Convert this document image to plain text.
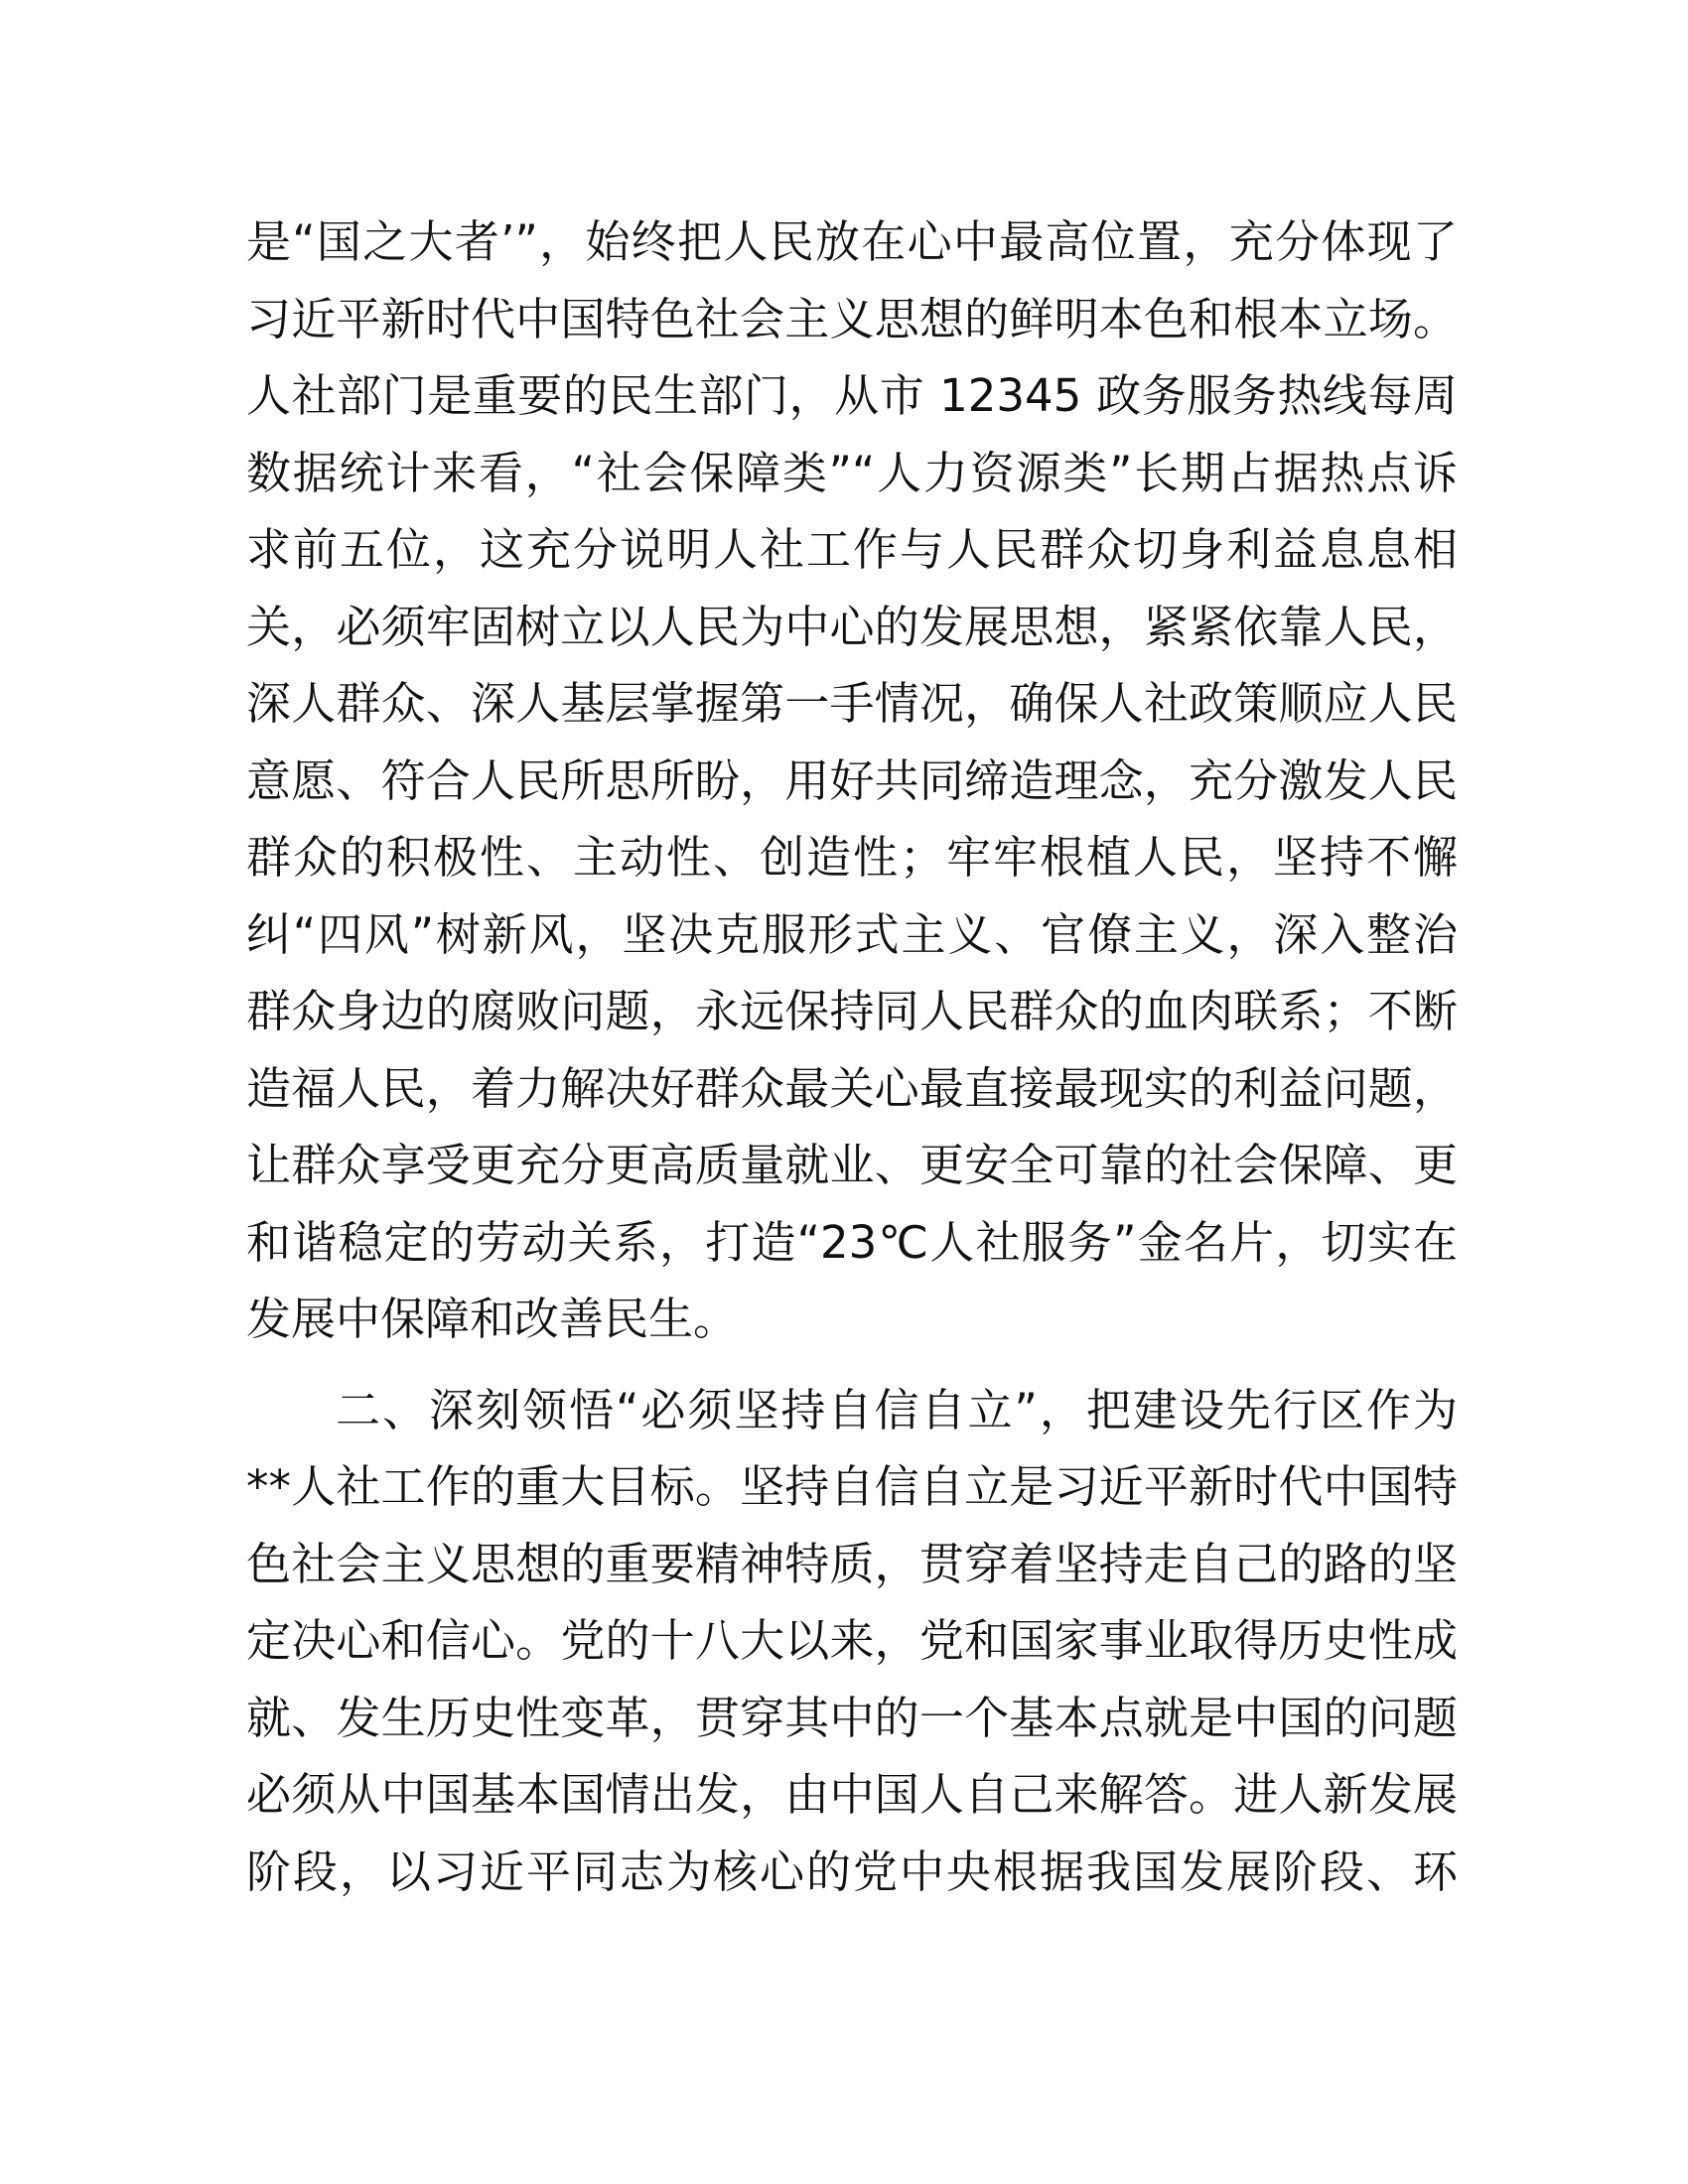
是“国之大者’”，始终把人民放在心中最高位置，充分体现了
习近平新时代中国特色社会主义思想的鲜明本色和根本立场。
人社部门是重要的民生部门，从市 12345 政务服务热线每周
数据统计来看，“社会保障类”“人力资源类”长期占据热点诉
求前五位，这充分说明人社工作与人民群众切身利益息息相
关，必须牢固树立以人民为中心的发展思想，紧紧依靠人民，
深人群众、深人基层掌握第一手情况，确保人社政策顺应人民
意愿、符合人民所思所盼，用好共同缔造理念，充分激发人民
群众的积极性、主动性、创造性；牢牢根植人民，坚持不懈
纠“四风”树新风，坚决克服形式主义、官僚主义，深入整治
群众身边的腐败问题，永远保持同人民群众的血肉联系；不断
造福人民，着力解决好群众最关心最直接最现实的利益问题，
让群众享受更充分更高质量就业、更安全可靠的社会保障、更
和谐稳定的劳动关系，打造“23℃人社服务”金名片，切实在
发展中保障和改善民生。
二、深刻领悟“必须坚持自信自立”，把建设先行区作为
**人社工作的重大目标。坚持自信自立是习近平新时代中国特
色社会主义思想的重要精神特质，贯穿着坚持走自己的路的坚
定决心和信心。党的十八大以来，党和国家事业取得历史性成
就、发生历史性变革，贯穿其中的一个基本点就是中国的问题
必须从中国基本国情出发，由中国人自己来解答。进人新发展
阶段，以习近平同志为核心的党中央根据我国发展阶段、环
